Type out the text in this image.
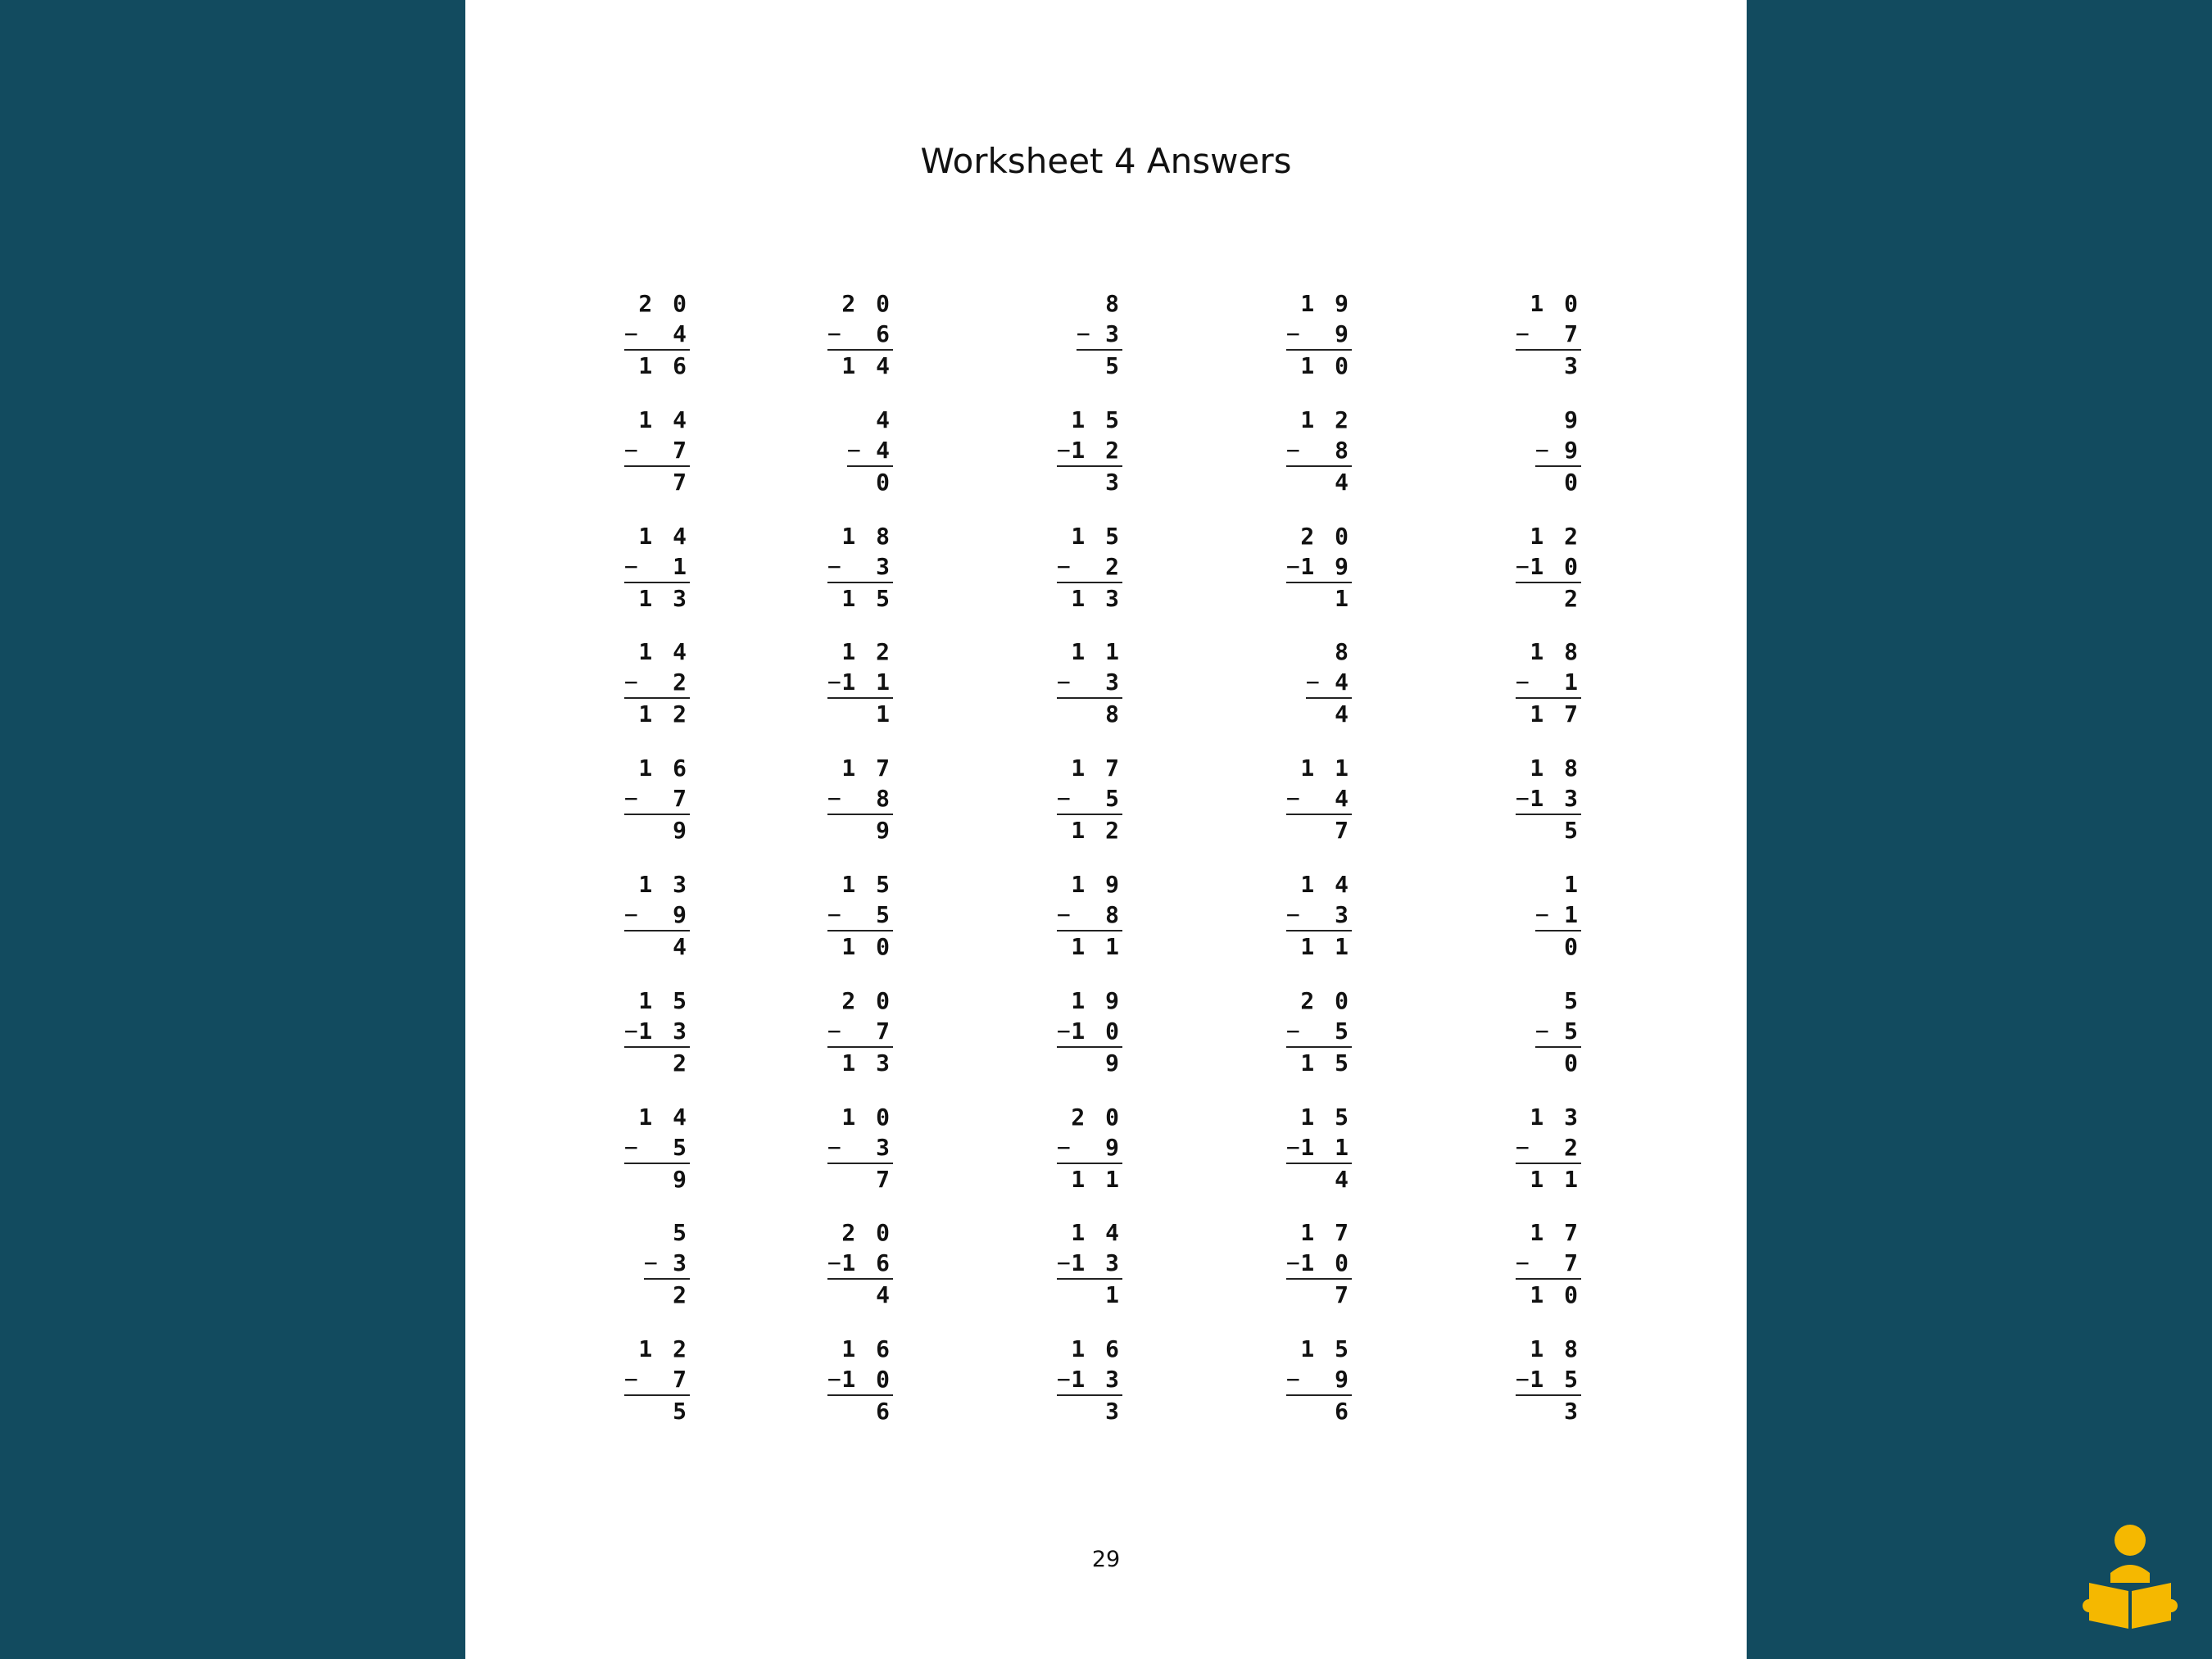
Worksheet 4 Answers
2 0
− 4
1 6
2 0
− 6
1 4
8
− 3
5
1 9
− 9
1 0
1 0
− 7
3
1 4
− 7
7
4
− 4
0
1 5
− 1 2
3
1 2
− 8
4
9
− 9
0
1 4
− 1
1 3
1 8
− 3
1 5
1 5
− 2
1 3
2 0
− 1 9
1
1 2
− 1 0
2
1 4
− 2
1 2
1 2
− 1 1
1
1 1
− 3
8
8
− 4
4
1 8
− 1
1 7
1 6
− 7
9
1 7
− 8
9
1 7
− 5
1 2
1 1
− 4
7
1 8
− 1 3
5
1 3
− 9
4
1 5
− 5
1 0
1 9
− 8
1 1
1 4
− 3
1 1
1
− 1
0
1 5
− 1 3
2
2 0
− 7
1 3
1 9
− 1 0
9
2 0
− 5
1 5
5
− 5
0
1 4
− 5
9
1 0
− 3
7
2 0
− 9
1 1
1 5
− 1 1
4
1 3
− 2
1 1
5
− 3
2
2 0
− 1 6
4
1 4
− 1 3
1
1 7
− 1 0
7
1 7
− 7
1 0
1 2
− 7
5
1 6
− 1 0
6
1 6
− 1 3
3
1 5
− 9
6
1 8
− 1 5
3
29
